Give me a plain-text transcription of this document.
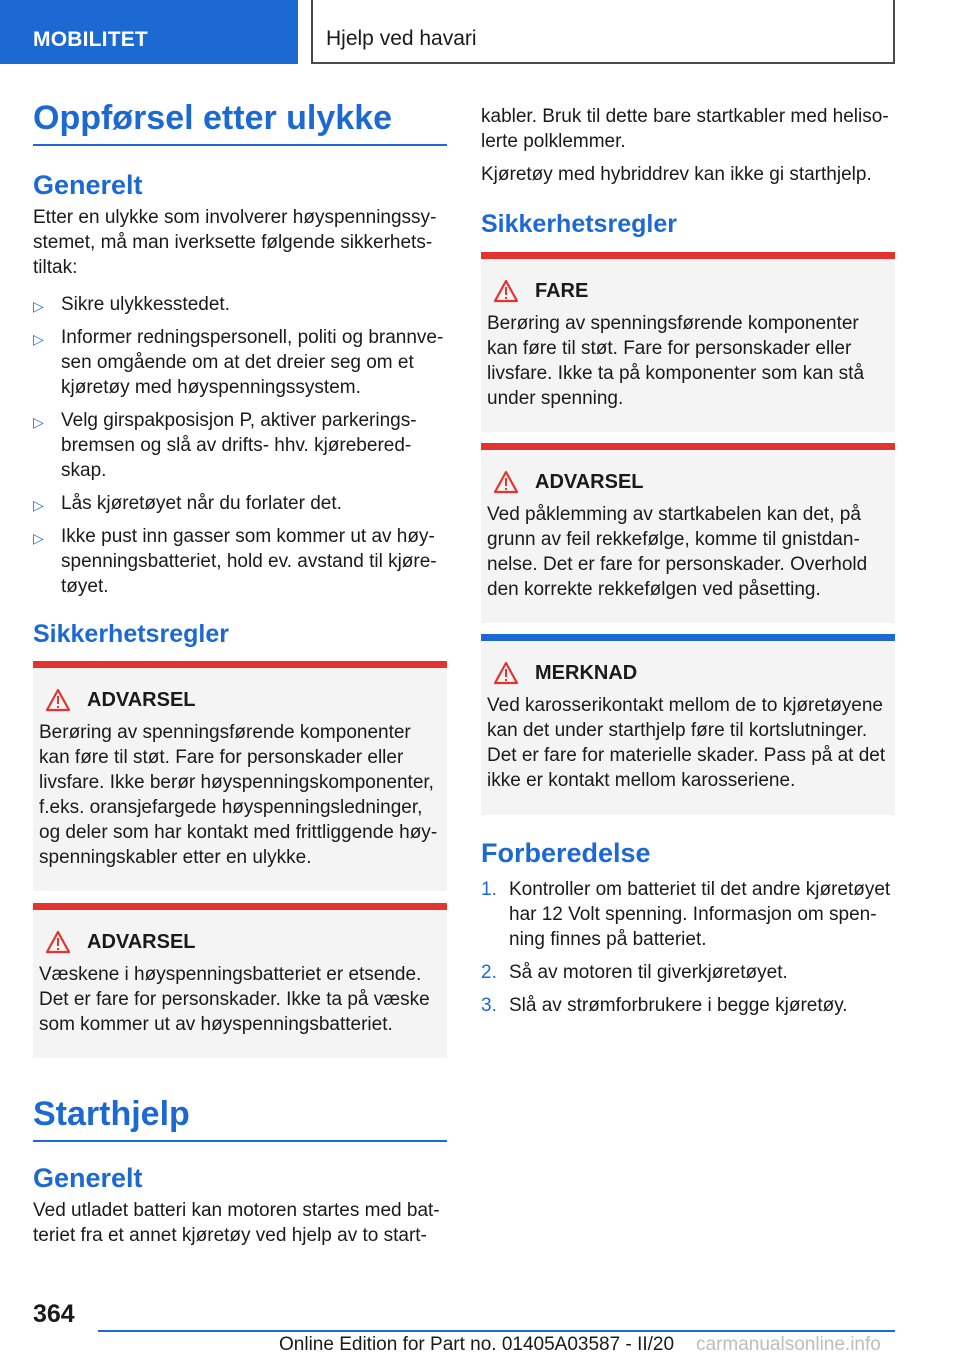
MOBILITET	Hjelp ved havari
Oppførsel etter ulykke
Generelt

Etter en ulykke som involverer høyspenningssystemet, må man iverksette følgende sikkerhetstiltak:

▷ Sikre ulykkesstedet.
▷ Informer redningspersonell, politi og brannvesen omgående om at det dreier seg om et kjøretøy med høyspenningssystem.
▷ Velg girspakposisjon P, aktiver parkeringsbremsen og slå av drifts- hhv. kjøreberedskap.
▷ Lås kjøretøyet når du forlater det.
▷ Ikke pust inn gasser som kommer ut av høyspenningsbatteriet, hold ev. avstand til kjøretøyet.
Sikkerhetsregler
ADVARSEL

Berøring av spenningsførende komponenter kan føre til støt. Fare for personskader eller livsfare. Ikke berør høyspenningskomponenter, f.eks. oransjefargede høyspenningsledninger, og deler som har kontakt med frittliggende høyspenningskabler etter en ulykke.

ADVARSEL

Væskene i høyspenningsbatteriet er etsende. Det er fare for personskader. Ikke ta på væske som kommer ut av høyspenningsbatteriet.

Starthjelp
Generelt

Ved utladet batteri kan motoren startes med batteriet fra et annet kjøretøy ved hjelp av to start-

kabler. Bruk til dette bare startkabler med helisolerte polklemmer.

Kjøretøy med hybriddrev kan ikke gi starthjelp.

Sikkerhetsregler
FARE

Berøring av spenningsførende komponenter kan føre til støt. Fare for personskader eller livsfare. Ikke ta på komponenter som kan stå under spenning.

ADVARSEL

Ved påklemming av startkabelen kan det, på grunn av feil rekkefølge, komme til gnistdannelse. Det er fare for personskader. Overhold den korrekte rekkefølgen ved påsetting.

MERKNAD

Ved karosserikontakt mellom de to kjøretøyene kan det under starthjelp føre til kortslutninger. Det er fare for materielle skader. Pass på at det ikke er kontakt mellom karosseriene.

Forberedelse
1. Kontroller om batteriet til det andre kjøretøyet har 12 Volt spenning. Informasjon om spenning finnes på batteriet.
2. Så av motoren til giverkjøretøyet.
3. Slå av strømforbrukere i begge kjøretøy.
364
Online Edition for Part no. 01405A03587 - II/20 carmanualsonline.info
